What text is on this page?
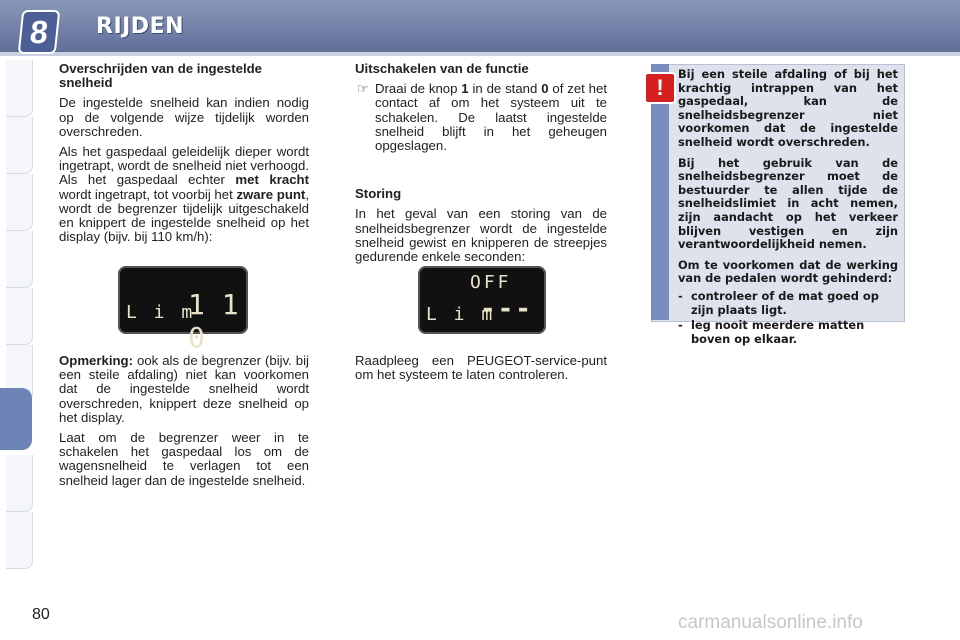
8	RIJDEN
Overschrijden van de ingestelde snelheid

De ingestelde snelheid kan indien nodig op de volgende wijze tijdelijk worden overschreden.

Als het gaspedaal geleidelijk dieper wordt ingetrapt, wordt de snelheid niet verhoogd. Als het gaspedaal echter met kracht wordt ingetrapt, tot voorbij het zware punt, wordt de begrenzer tijdelijk uitgeschakeld en knippert de ingestelde snelheid op het display (bijv. bij 110 km/h):

L i m
1 1 0

Opmerking: ook als de begrenzer (bijv. bij een steile afdaling) niet kan voorkomen dat de ingestelde snelheid wordt overschreden, knippert deze snelheid op het display.

Laat om de begrenzer weer in te schakelen het gaspedaal los om de wagensnelheid te verlagen tot een snelheid lager dan de ingestelde snelheid.

Uitschakelen van de functie

☞ Draai de knop 1 in de stand 0 of zet het contact af om het systeem uit te schakelen. De laatst ingestelde snelheid blijft in het geheugen opgeslagen.

Storing

In het geval van een storing van de snelheidsbegrenzer wordt de ingestelde snelheid gewist en knipperen de streepjes gedurende enkele seconden:

OFF
L i m
---

Raadpleeg een PEUGEOT-service-punt om het systeem te laten controleren.

!

Bij een steile afdaling of bij het krachtig intrappen van het gaspedaal, kan de snelheidsbegrenzer niet voorkomen dat de ingestelde snelheid wordt overschreden.

Bij het gebruik van de snelheidsbegrenzer moet de bestuurder te allen tijde de snelheidslimiet in acht nemen, zijn aandacht op het verkeer blijven vestigen en zijn verantwoordelijkheid nemen.

Om te voorkomen dat de werking van de pedalen wordt gehinderd:

- controleer of de mat goed op zijn plaats ligt.
- leg nooit meerdere matten boven op elkaar.
80	carmanualsonline.info
